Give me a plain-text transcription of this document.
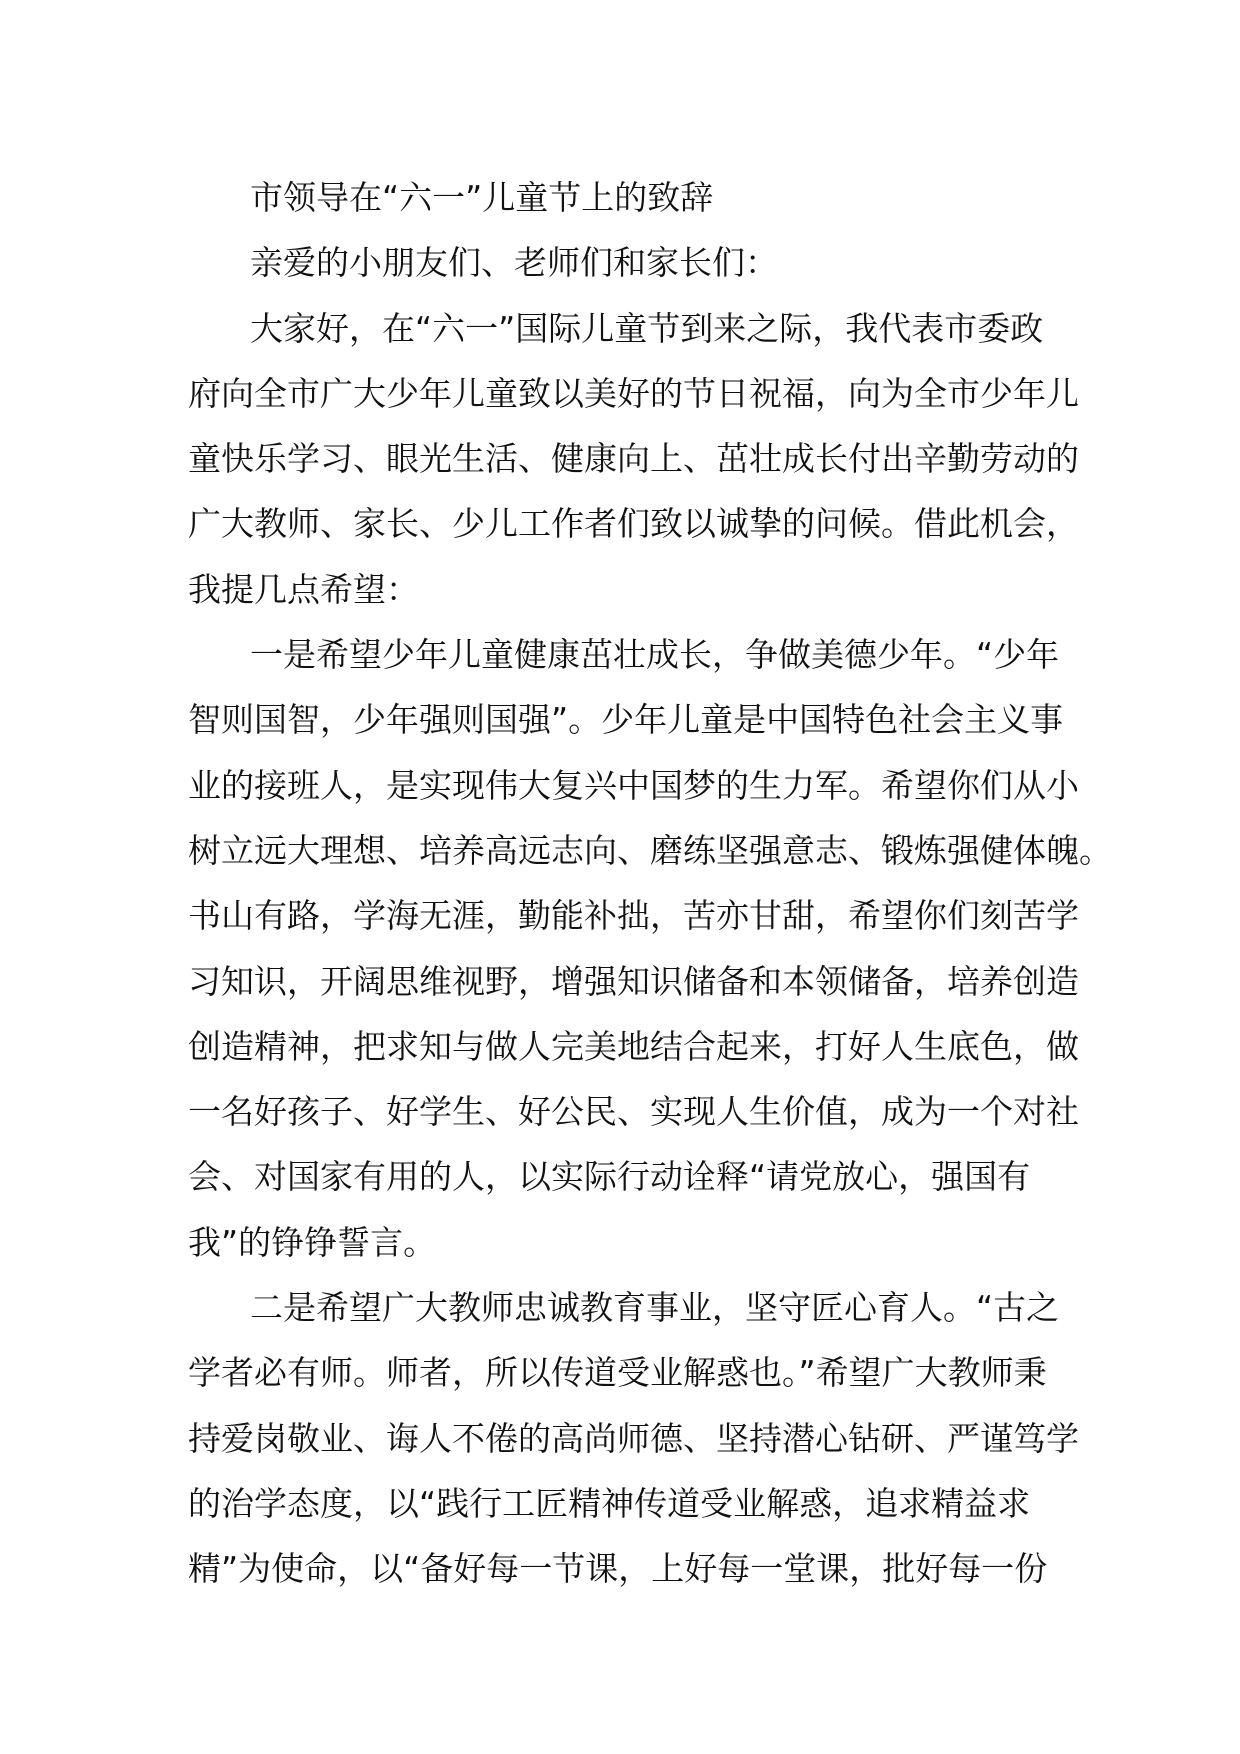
市领导在“六一”儿童节上的致辞
亲爱的小朋友们、老师们和家长们：
大家好，在“六一”国际儿童节到来之际，我代表市委政
府向全市广大少年儿童致以美好的节日祝福，向为全市少年儿
童快乐学习、眼光生活、健康向上、茁壮成长付出辛勤劳动的
广大教师、家长、少儿工作者们致以诚挚的问候。借此机会，
我提几点希望：
一是希望少年儿童健康茁壮成长，争做美德少年。“少年
智则国智，少年强则国强”。少年儿童是中国特色社会主义事
业的接班人，是实现伟大复兴中国梦的生力军。希望你们从小
树立远大理想、培养高远志向、磨练坚强意志、锻炼强健体魄。
书山有路，学海无涯，勤能补拙，苦亦甘甜，希望你们刻苦学
习知识，开阔思维视野，增强知识储备和本领储备，培养创造
创造精神，把求知与做人完美地结合起来，打好人生底色，做
一名好孩子、好学生、好公民、实现人生价值，成为一个对社
会、对国家有用的人，以实际行动诠释“请党放心，强国有
我”的铮铮誓言。
二是希望广大教师忠诚教育事业，坚守匠心育人。“古之
学者必有师。师者，所以传道受业解惑也。”希望广大教师秉
持爱岗敬业、诲人不倦的高尚师德、坚持潜心钻研、严谨笃学
的治学态度，以“践行工匠精神传道受业解惑，追求精益求
精”为使命，以“备好每一节课，上好每一堂课，批好每一份
